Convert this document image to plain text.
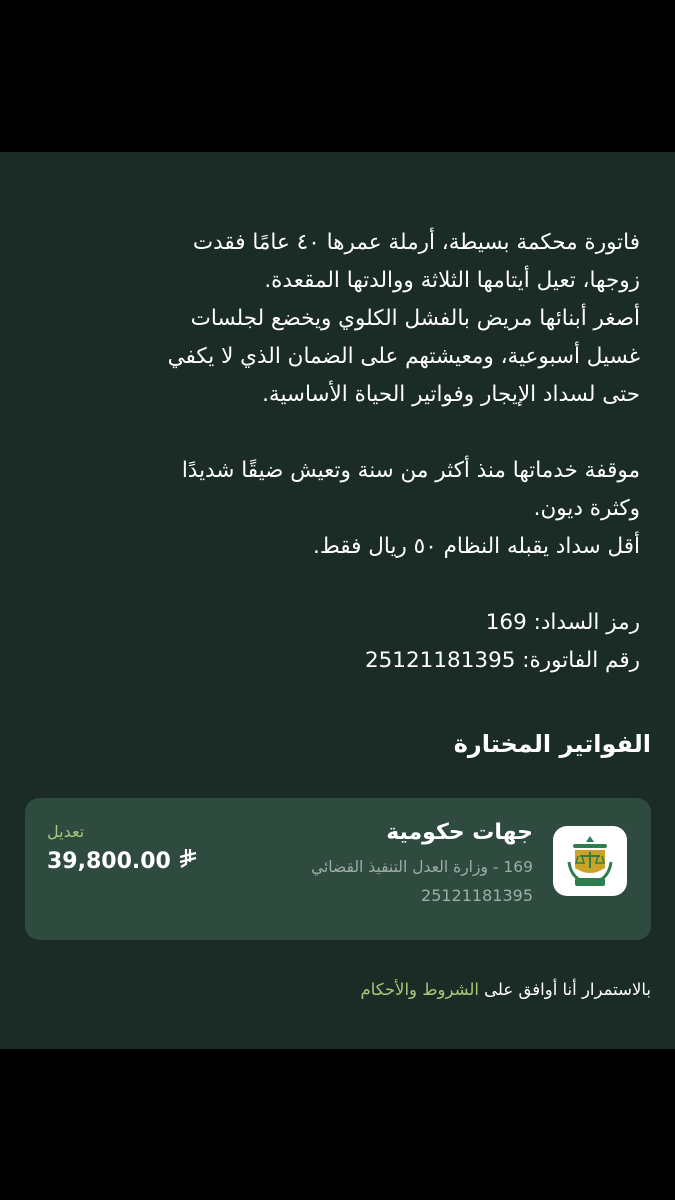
فاتورة محكمة بسيطة، أرملة عمرها ٤٠ عامًا فقدت
زوجها، تعيل أيتامها الثلاثة ووالدتها المقعدة.
أصغر أبنائها مريض بالفشل الكلوي ويخضع لجلسات
غسيل أسبوعية، ومعيشتهم على الضمان الذي لا يكفي
حتى لسداد الإيجار وفواتير الحياة الأساسية.
موقفة خدماتها منذ أكثر من سنة وتعيش ضيقًا شديدًا
وكثرة ديون.
أقل سداد يقبله النظام ٥٠ ريال فقط.
رمز السداد: 169
رقم الفاتورة: 25121181395
الفواتير المختارة
جهات حكومية
169 - وزارة العدل التنفيذ القضائي
25121181395
تعديل
39,800.00
بالاستمرار أنا أوافق على الشروط والأحكام
